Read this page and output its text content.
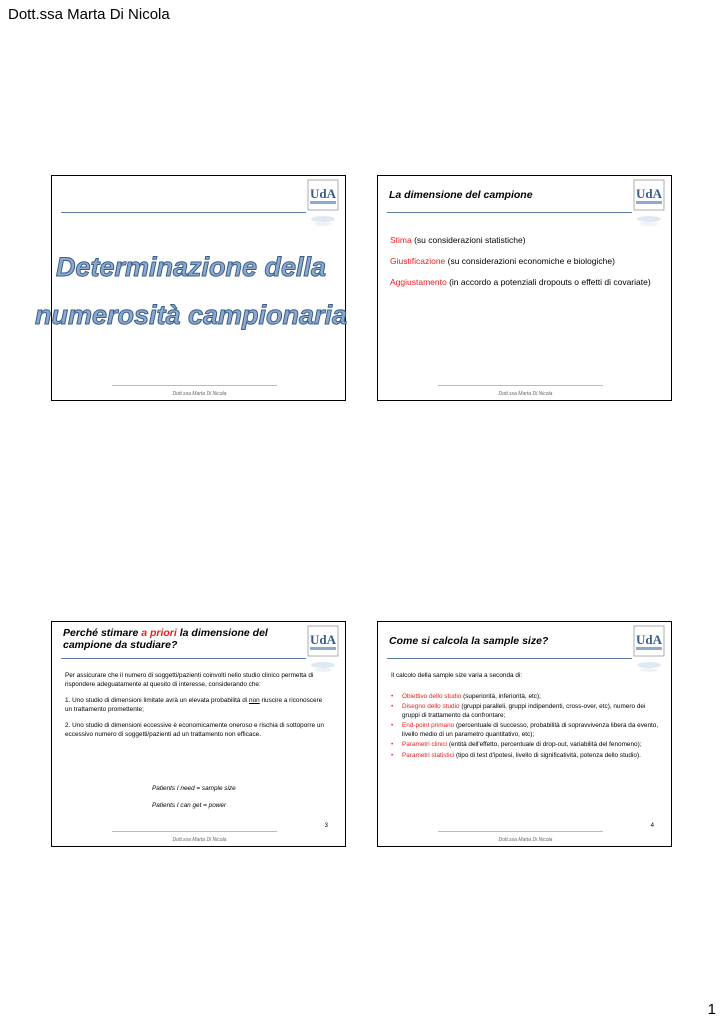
Dott.ssa Marta Di Nicola
UdA
Determinazione della
numerosità campionaria
Dott.ssa Marta Di Nicola
UdA
La dimensione del campione

Stima (su considerazioni statistiche)

Giustificazione (su considerazioni economiche e biologiche)

Aggiustamento (in accordo a potenziali dropouts o effetti di covariate)

Dott.ssa Marta Di Nicola
UdA
Perché stimare a priori la dimensione del campione da studiare?

Per assicurare che il numero di soggetti/pazienti coinvolti nello studio clinico permetta di rispondere adeguatamente al quesito di interesse, considerando che:

1. Uno studio di dimensioni limitate avrà un elevata probabilità di non riuscire a riconoscere un trattamento promettente;

2. Uno studio di dimensioni eccessive è economicamente oneroso e rischia di sottoporre un eccessivo numero di soggetti/pazienti ad un trattamento non efficace.

Patients I need = sample size
Patients I can get = power
3
Dott.ssa Marta Di Nicola
UdA
Come si calcola la sample size?
Il calcolo della sample size varia a seconda di:
• Obiettivo dello studio (superiorità, inferiorità, etc);
• Disegno dello studio (gruppi paralleli, gruppi indipendenti, cross-over, etc), numero dei gruppi di trattamento da confrontare;
• End-point primario (percentuale di successo, probabilità di sopravvivenza libera da evento, livello medio di un parametro quantitativo, etc);
• Parametri clinici (entità dell'effetto, percentuale di drop-out, variabilità del fenomeno);
• Parametri statistici (tipo di test d'ipotesi, livello di significatività, potenza dello studio).
4
Dott.ssa Marta Di Nicola
1
